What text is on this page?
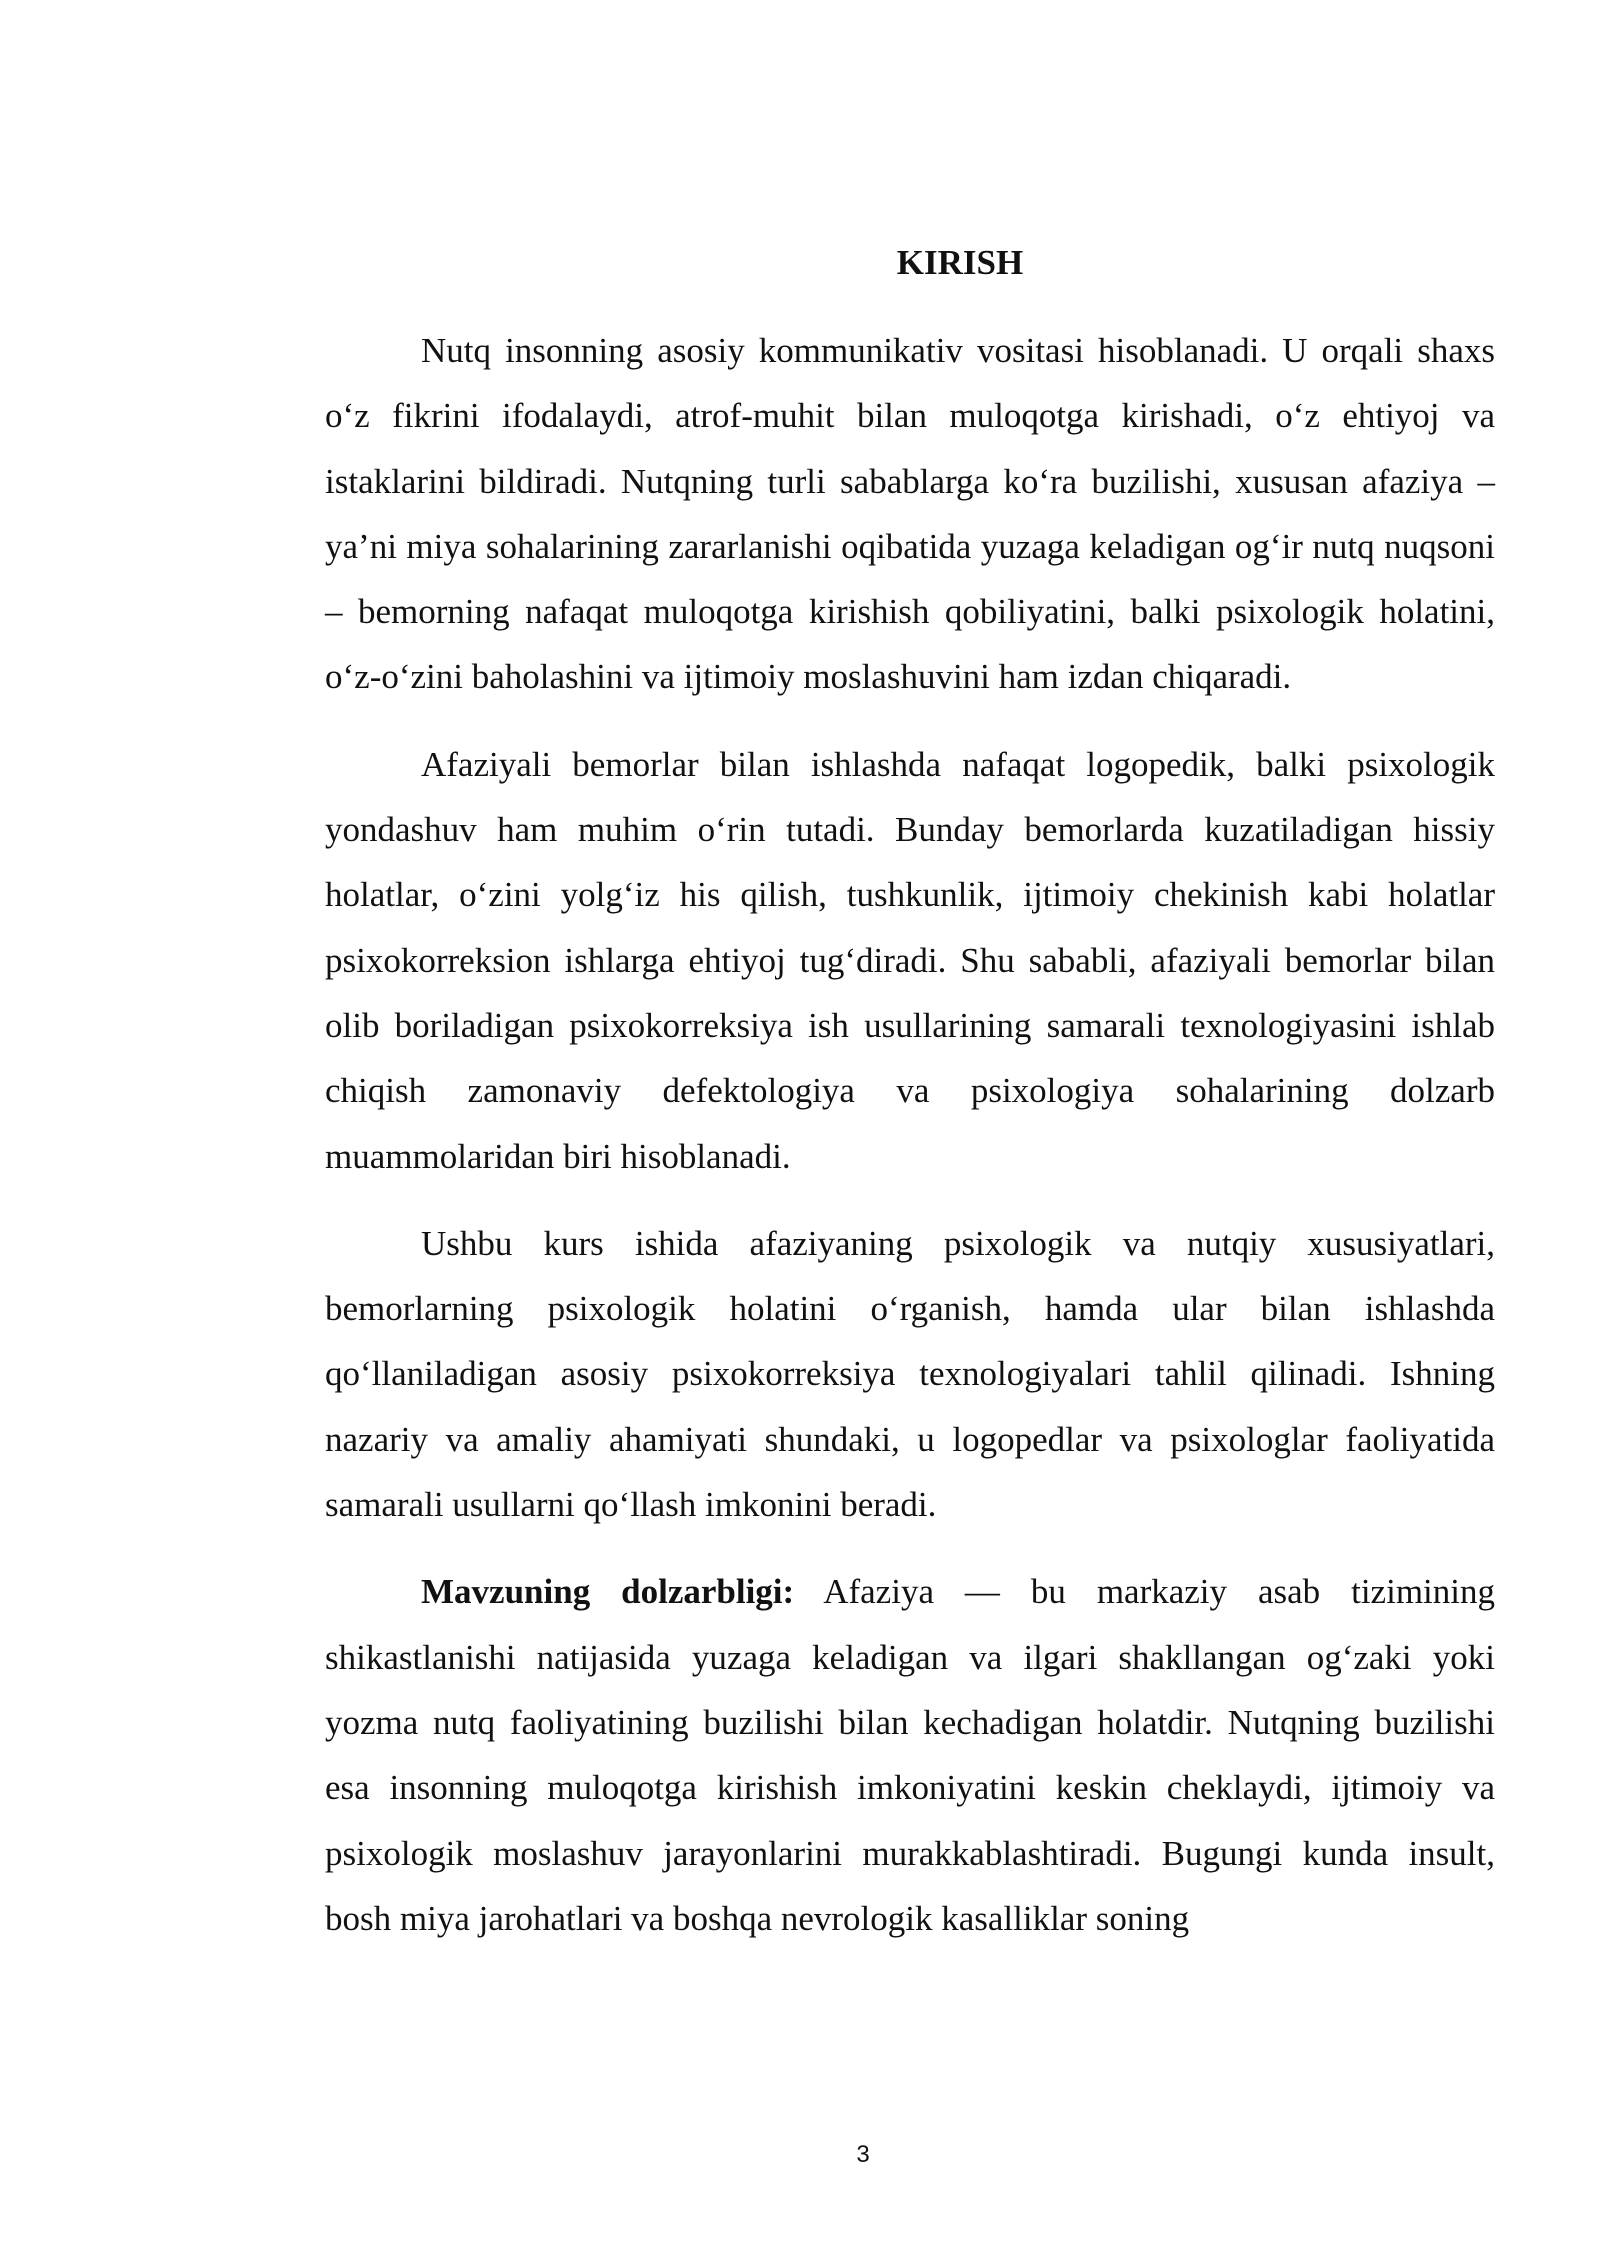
KIRISH

Nutq insonning asosiy kommunikativ vositasi hisoblanadi. U orqali shaxs o‘z fikrini ifodalaydi, atrof-muhit bilan muloqotga kirishadi, o‘z ehtiyoj va istaklarini bildiradi. Nutqning turli sabablarga ko‘ra buzilishi, xususan afaziya – ya’ni miya sohalarining zararlanishi oqibatida yuzaga keladigan og‘ir nutq nuqsoni – bemorning nafaqat muloqotga kirishish qobiliyatini, balki psixologik holatini, o‘z-o‘zini baholashini va ijtimoiy moslashuvini ham izdan chiqaradi.

Afaziyali bemorlar bilan ishlashda nafaqat logopedik, balki psixologik yondashuv ham muhim o‘rin tutadi. Bunday bemorlarda kuzatiladigan hissiy holatlar, o‘zini yolg‘iz his qilish, tushkunlik, ijtimoiy chekinish kabi holatlar psixokorreksion ishlarga ehtiyoj tug‘diradi. Shu sababli, afaziyali bemorlar bilan olib boriladigan psixokorreksiya ish usullarining samarali texnologiyasini ishlab chiqish zamonaviy defektologiya va psixologiya sohalarining dolzarb muammolaridan biri hisoblanadi.

Ushbu kurs ishida afaziyaning psixologik va nutqiy xususiyatlari, bemorlarning psixologik holatini o‘rganish, hamda ular bilan ishlashda qo‘llaniladigan asosiy psixokorreksiya texnologiyalari tahlil qilinadi. Ishning nazariy va amaliy ahamiyati shundaki, u logopedlar va psixologlar faoliyatida samarali usullarni qo‘llash imkonini beradi.

Mavzuning dolzarbligi: Afaziya — bu markaziy asab tizimining shikastlanishi natijasida yuzaga keladigan va ilgari shakllangan og‘zaki yoki yozma nutq faoliyatining buzilishi bilan kechadigan holatdir. Nutqning buzilishi esa insonning muloqotga kirishish imkoniyatini keskin cheklaydi, ijtimoiy va psixologik moslashuv jarayonlarini murakkablashtiradi. Bugungi kunda insult, bosh miya jarohatlari va boshqa nevrologik kasalliklar soning

3
